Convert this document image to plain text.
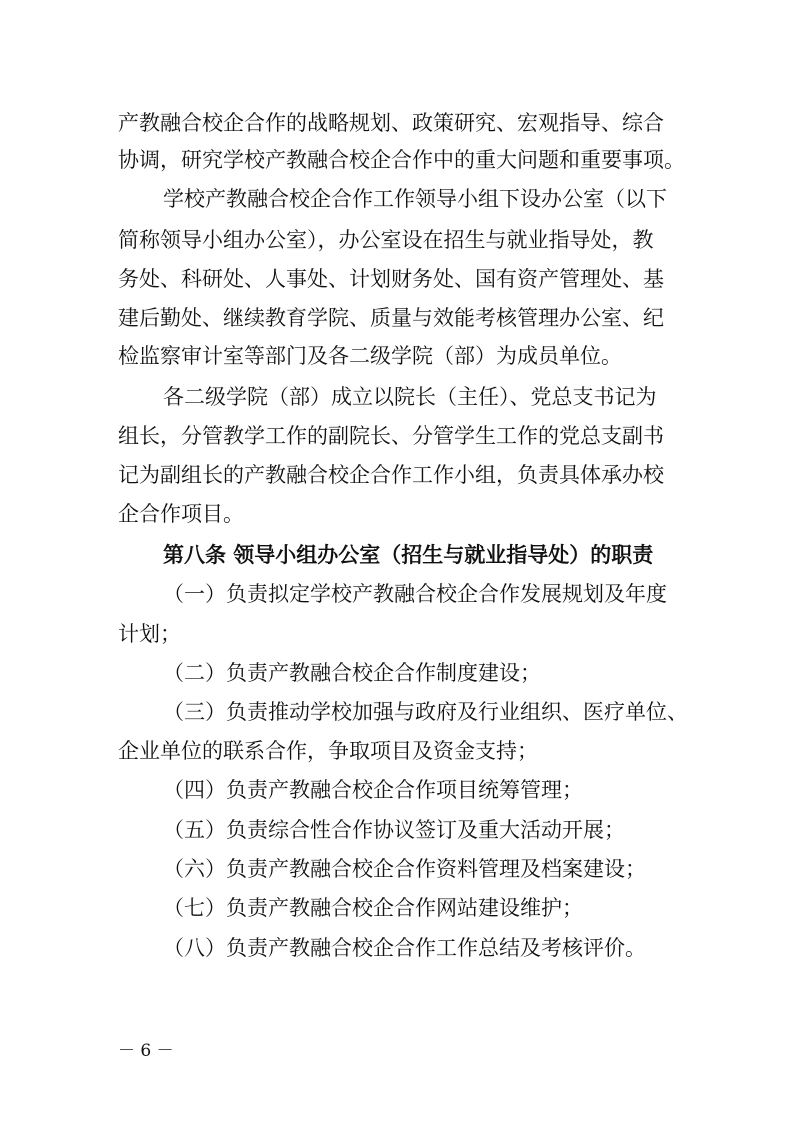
产教融合校企合作的战略规划、政策研究、宏观指导、综合
协调，研究学校产教融合校企合作中的重大问题和重要事项。
学校产教融合校企合作工作领导小组下设办公室（以下
简称领导小组办公室），办公室设在招生与就业指导处，教
务处、科研处、人事处、计划财务处、国有资产管理处、基
建后勤处、继续教育学院、质量与效能考核管理办公室、纪
检监察审计室等部门及各二级学院（部）为成员单位。
各二级学院（部）成立以院长（主任）、党总支书记为
组长，分管教学工作的副院长、分管学生工作的党总支副书
记为副组长的产教融合校企合作工作小组，负责具体承办校
企合作项目。
第八条 领导小组办公室（招生与就业指导处）的职责
（一）负责拟定学校产教融合校企合作发展规划及年度
计划；
（二）负责产教融合校企合作制度建设；
（三）负责推动学校加强与政府及行业组织、医疗单位、
企业单位的联系合作，争取项目及资金支持；
（四）负责产教融合校企合作项目统筹管理；
（五）负责综合性合作协议签订及重大活动开展；
（六）负责产教融合校企合作资料管理及档案建设；
（七）负责产教融合校企合作网站建设维护；
（八）负责产教融合校企合作工作总结及考核评价。
－ 6 －
